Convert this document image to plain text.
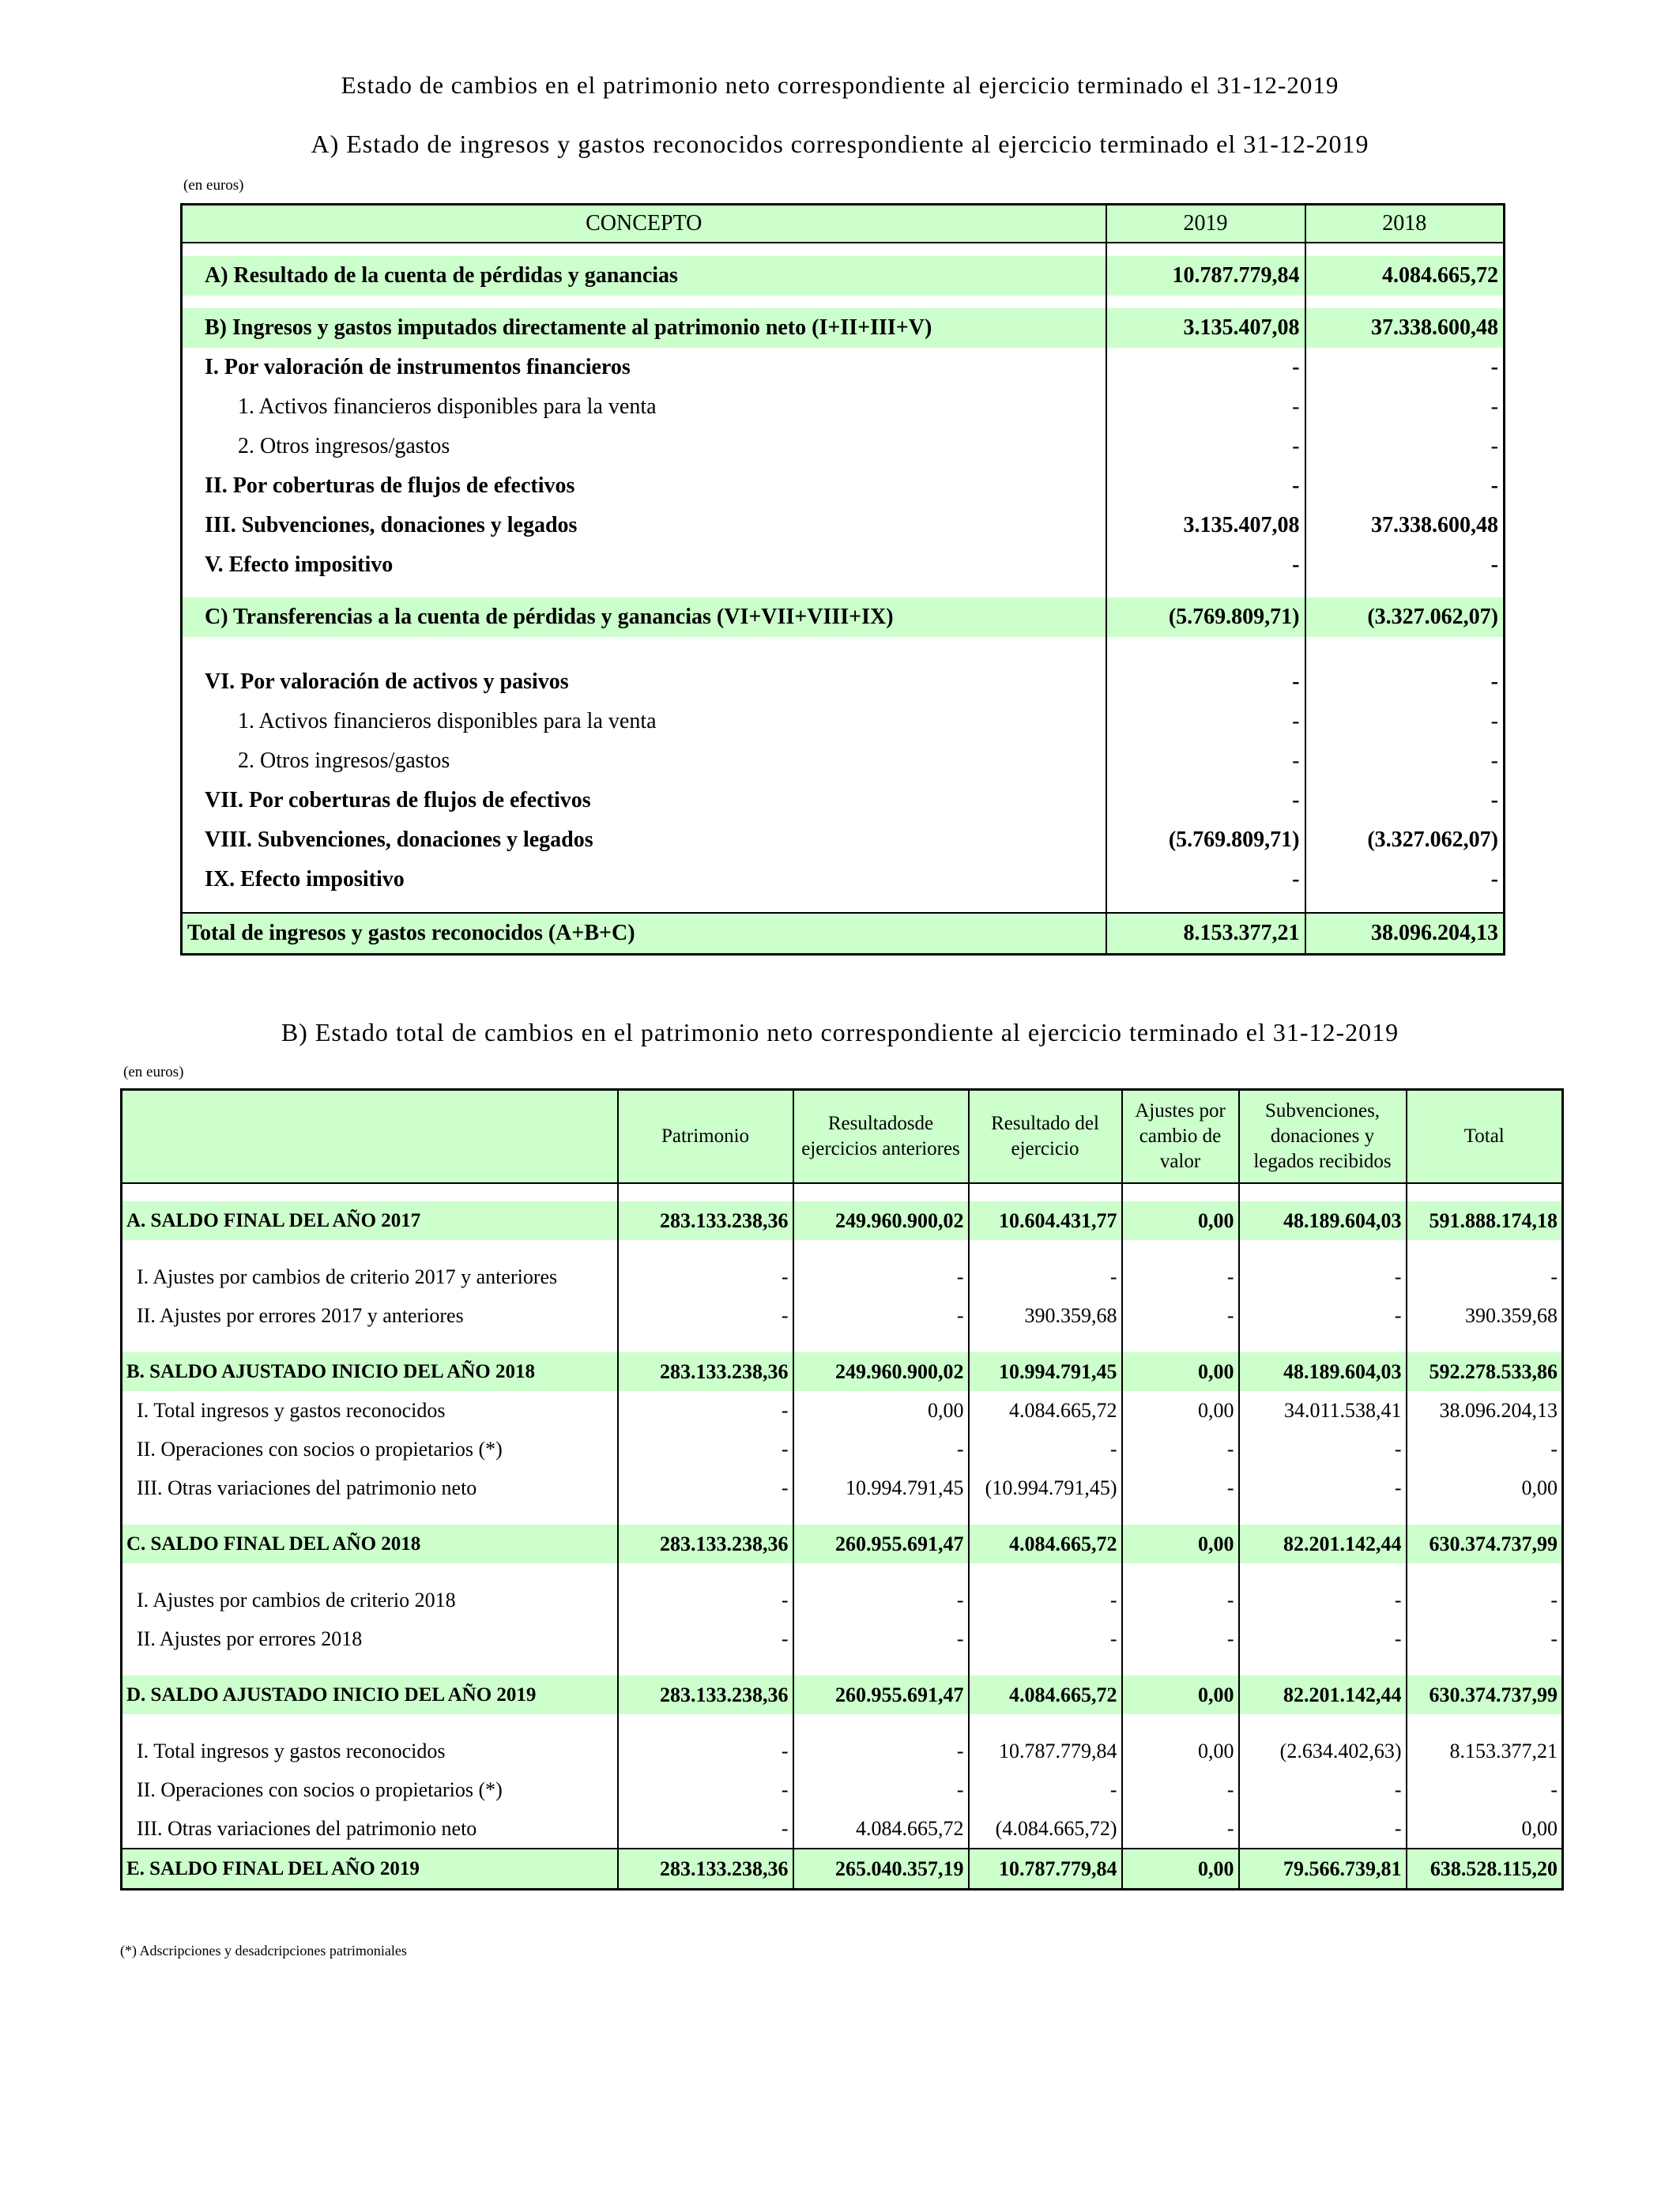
Estado de cambios en el patrimonio neto correspondiente al ejercicio terminado el 31-12-2019
A) Estado de ingresos y gastos reconocidos correspondiente al ejercicio terminado el 31-12-2019
(en euros)
CONCEPTO	2019	2018

A) Resultado de la cuenta de pérdidas y ganancias	10.787.779,84	4.084.665,72

B) Ingresos y gastos imputados directamente al patrimonio neto (I+II+III+V)	3.135.407,08	37.338.600,48
I. Por valoración de instrumentos financieros	-	-
1. Activos financieros disponibles para la venta	-	-
2. Otros ingresos/gastos	-	-
II. Por coberturas de flujos de efectivos	-	-
III. Subvenciones, donaciones y legados	3.135.407,08	37.338.600,48
V. Efecto impositivo	-	-

C) Transferencias a la cuenta de pérdidas y ganancias (VI+VII+VIII+IX)	(5.769.809,71)	(3.327.062,07)

VI. Por valoración de activos y pasivos	-	-
1. Activos financieros disponibles para la venta	-	-
2. Otros ingresos/gastos	-	-
VII. Por coberturas de flujos de efectivos	-	-
VIII. Subvenciones, donaciones y legados	(5.769.809,71)	(3.327.062,07)
IX. Efecto impositivo	-	-

Total de ingresos y gastos reconocidos (A+B+C)	8.153.377,21	38.096.204,13
B) Estado total de cambios en el patrimonio neto correspondiente al ejercicio terminado el 31-12-2019
(en euros)
	Patrimonio	Resultadosde ejercicios anteriores	Resultado del ejercicio	Ajustes por cambio de valor	Subvenciones, donaciones y legados recibidos	Total

A. SALDO FINAL DEL AÑO 2017	283.133.238,36	249.960.900,02	10.604.431,77	0,00	48.189.604,03	591.888.174,18

I. Ajustes por cambios de criterio 2017 y anteriores	-	-	-	-	-	-
II. Ajustes por errores 2017 y anteriores	-	-	390.359,68	-	-	390.359,68

B. SALDO AJUSTADO INICIO DEL AÑO 2018	283.133.238,36	249.960.900,02	10.994.791,45	0,00	48.189.604,03	592.278.533,86
I. Total ingresos y gastos reconocidos	-	0,00	4.084.665,72	0,00	34.011.538,41	38.096.204,13
II. Operaciones con socios o propietarios (*)	-	-	-	-	-	-
III. Otras variaciones del patrimonio neto	-	10.994.791,45	(10.994.791,45)	-	-	0,00

C. SALDO FINAL DEL AÑO 2018	283.133.238,36	260.955.691,47	4.084.665,72	0,00	82.201.142,44	630.374.737,99

I. Ajustes por cambios de criterio 2018	-	-	-	-	-	-
II. Ajustes por errores 2018	-	-	-	-	-	-

D. SALDO AJUSTADO INICIO DEL AÑO 2019	283.133.238,36	260.955.691,47	4.084.665,72	0,00	82.201.142,44	630.374.737,99

I. Total ingresos y gastos reconocidos	-	-	10.787.779,84	0,00	(2.634.402,63)	8.153.377,21
II. Operaciones con socios o propietarios (*)	-	-	-	-	-	-
III. Otras variaciones del patrimonio neto	-	4.084.665,72	(4.084.665,72)	-	-	0,00
E. SALDO FINAL DEL AÑO 2019	283.133.238,36	265.040.357,19	10.787.779,84	0,00	79.566.739,81	638.528.115,20
(*) Adscripciones y desadcripciones patrimoniales
